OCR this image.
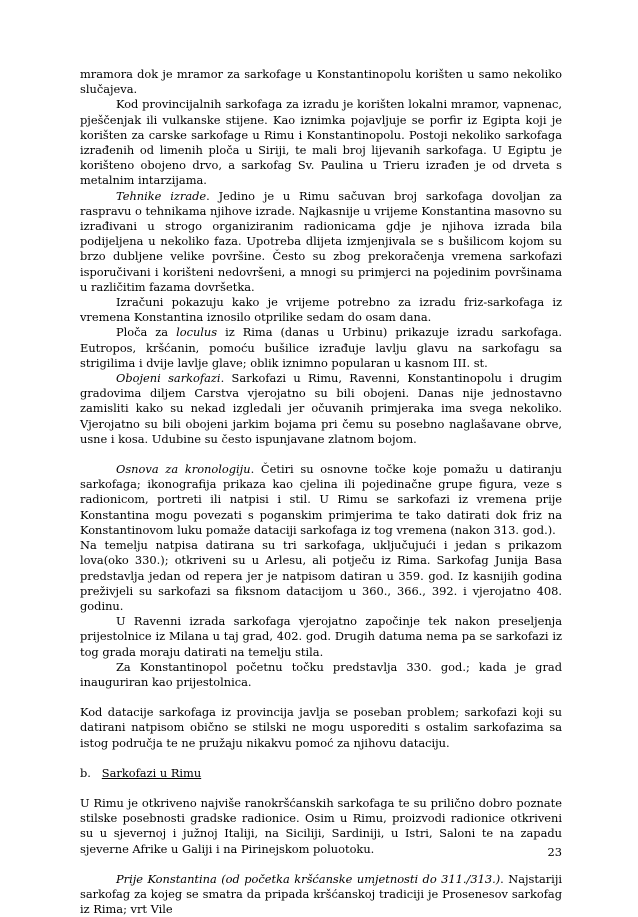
mramora dok je mramor za sarkofage u Konstantinopolu korišten u samo nekoliko slučajeva.

Kod provincijalnih sarkofaga za izradu je korišten lokalni mramor, vapnenac, pješčenjak ili vulkanske stijene. Kao iznimka pojavljuje se porfir iz Egipta koji je korišten za carske sarkofage u Rimu i Konstantinopolu. Postoji nekoliko sarkofaga izrađenih od limenih ploča u Siriji, te mali broj lijevanih sarkofaga. U Egiptu je korišteno obojeno drvo, a sarkofag Sv. Paulina u Trieru izrađen je od drveta s metalnim intarzijama.

Tehnike izrade. Jedino je u Rimu sačuvan broj sarkofaga dovoljan za raspravu o tehnikama njihove izrade. Najkasnije u vrijeme Konstantina masovno su izrađivani u strogo organiziranim radionicama gdje je njihova izrada bila podijeljena u nekoliko faza. Upotreba dlijeta izmjenjivala se s bušilicom kojom su brzo dubljene velike površine. Često su zbog prekoračenja vremena sarkofazi isporučivani i korišteni nedovršeni, a mnogi su primjerci na pojedinim površinama u različitim fazama dovršetka.

Izračuni pokazuju kako je vrijeme potrebno za izradu friz-sarkofaga iz vremena Konstantina iznosilo otprilike sedam do osam dana.

Ploča za loculus iz Rima (danas u Urbinu) prikazuje izradu sarkofaga. Eutropos, kršćanin, pomoću bušilice izrađuje lavlju glavu na sarkofagu sa strigilima i dvije lavlje glave; oblik iznimno popularan u kasnom III. st.

Obojeni sarkofazi. Sarkofazi u Rimu, Ravenni, Konstantinopolu i drugim gradovima diljem Carstva vjerojatno su bili obojeni. Danas nije jednostavno zamisliti kako su nekad izgledali jer očuvanih primjeraka ima svega nekoliko. Vjerojatno su bili obojeni jarkim bojama pri čemu su posebno naglašavane obrve, usne i kosa. Udubine su često ispunjavane zlatnom bojom.

Osnova za kronologiju. Četiri su osnovne točke koje pomažu u datiranju sarkofaga; ikonografija prikaza kao cjelina ili pojedinačne grupe figura, veze s radionicom, portreti ili natpisi i stil. U Rimu se sarkofazi iz vremena prije Konstantina mogu povezati s poganskim primjerima te tako datirati dok friz na Konstantinovom luku pomaže dataciji sarkofaga iz tog vremena (nakon 313. god.).

Na temelju natpisa datirana su tri sarkofaga, uključujući i jedan s prikazom lova(oko 330.); otkriveni su u Arlesu, ali potječu iz Rima. Sarkofag Junija Basa predstavlja jedan od repera jer je natpisom datiran u 359. god. Iz kasnijih godina preživjeli su sarkofazi sa fiksnom datacijom u 360., 366., 392. i vjerojatno 408. godinu.

U Ravenni izrada sarkofaga vjerojatno započinje tek nakon preseljenja prijestolnice iz Milana u taj grad, 402. god. Drugih datuma nema pa se sarkofazi iz tog grada moraju datirati na temelju stila.

Za Konstantinopol početnu točku predstavlja 330. god.; kada je grad inauguriran kao prijestolnica.

Kod datacije sarkofaga iz provincija javlja se poseban problem; sarkofazi koji su datirani natpisom obično se stilski ne mogu usporediti s ostalim sarkofazima sa istog područja te ne pružaju nikakvu pomoć za njihovu dataciju.

b. Sarkofazi u Rimu

U Rimu je otkriveno najviše ranokršćanskih sarkofaga te su prilično dobro poznate stilske posebnosti gradske radionice. Osim u Rimu, proizvodi radionice otkriveni su u sjevernoj i južnoj Italiji, na Siciliji, Sardiniji, u Istri, Saloni te na zapadu sjeverne Afrike u Galiji i na Pirinejskom poluotoku.

Prije Konstantina (od početka kršćanske umjetnosti do 311./313.). Najstariji sarkofag za kojeg se smatra da pripada kršćanskoj tradiciji je Prosenesov sarkofag iz Rima; vrt Vile

23
